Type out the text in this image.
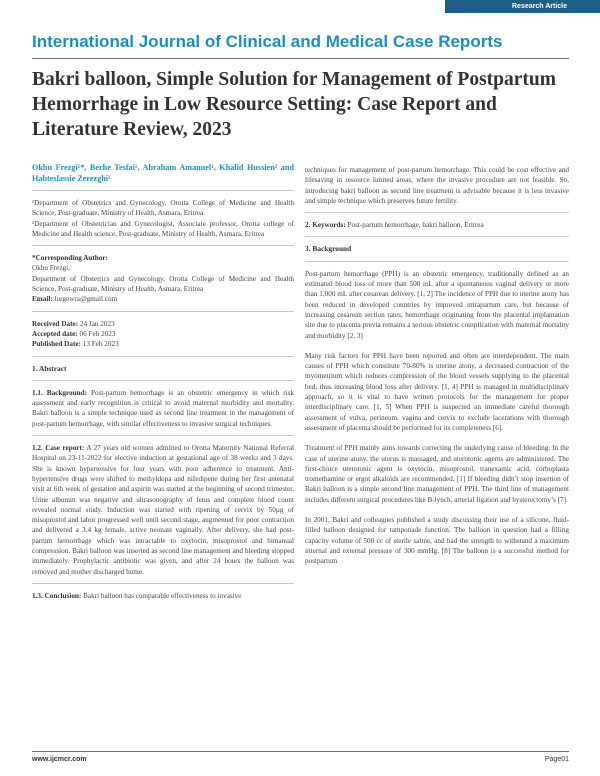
Research Article
International Journal of Clinical and Medical Case Reports
Bakri balloon, Simple Solution for Management of Postpartum Hemorrhage in Low Resource Setting: Case Report and Literature Review, 2023

Okbu Frezgi¹*, Berhe Tesfai¹, Abraham Amanuel¹, Khalid Hussien² and Habteslassie Zerezghi²

¹Department of Obstetrics and Gynecology, Orotta College of Medicine and Health Science, Post-graduate, Ministry of Health, Asmara, Eritrea

²Department of Obstetrician and Gynecologist, Associate professor, Orotta college of Medicine and Health science, Post-graduate, Ministry of Health, Asmara, Eritrea

*Corresponding Author:

Okbu Frezgi,

Department of Obstetrics and Gynecology, Orotta College of Medicine and Health Science, Post-graduate, Ministry of Health, Asmara, Eritrea

Email: lurgewra@gmail.com

Received Date: 24 Jan 2023

Accepted date: 06 Feb 2023

Published Date: 13 Feb 2023

1. Abstract

1.1. Background: Post-partum hemorrhage is an obstetric emergency in which risk assessment and early recognition is critical to avoid maternal morbidity and mortality. Bakri balloon is a simple technique used as second line treatment in the management of post-partum hemorrhage, with similar effectiveness to invasive surgical techniques.

1.2. Case report: A 27 years old women admitted to Orotta Maternity National Referral Hospital on 23-11-2022 for elective induction at gestational age of 38 weeks and 3 days. She is known hypertensive for four years with poor adherence to treatment. Anti-hypertensive drugs were shifted to methyldopa and nifedipene during her first antenatal visit at 6th week of gestation and aspirin was started at the beginning of second trimester. Urine albumin was negative and ultrasonography of fetus and complete blood count revealed normal study. Induction was started with ripening of cervix by 50µg of misoprostol and labor progressed well until second stage, augmented for poor contraction and delivered a 3.4 kg female, active neonate vaginally. After delivery, she had post-partum hemorrhage which was intractable to oxytocin, misoprostol and bimanual compression. Bakri balloon was inserted as second line management and bleeding stopped immediately. Prophylactic antibiotic was given, and after 24 hours the balloon was removed and mother discharged home.

1.3. Conclusion: Bakri balloon has comparable effectiveness to invasive

techniques for management of post-partum hemorrhage. This could be cost effective and lifesaving in resource limited areas, where the invasive procedure are not feasible. So, introducing bakri balloon as second line treatment is advisable because it is less invasive and simple technique which preserves future fertility.

2. Keywords: Post-partum hemorrhage, bakri balloon, Eritrea

3. Background

Post-partum hemorrhage (PPH) is an obstetric emergency, traditionally defined as an estimated blood loss of more than 500 mL after a spontaneous vaginal delivery or more than 1,000 mL after cesarean delivery. [1, 2] The incidence of PPH due to uterine atony has been reduced in developed countries by improved intrapartum care, but because of increasing cesarean section rates, hemorrhage originating from the placental implantation site due to placenta previa remains a serious obstetric complication with maternal mortality and morbidity [2, 3]

Many risk factors for PPH have been reported and often are interdependent. The main causes of PPH which constitute 70-80% is uterine atony, a decreased contraction of the myometrium which reduces compression of the blood vessels supplying to the placental bed, thus increasing blood loss after delivery. [1, 4] PPH is managed in multidisciplinary approach, so it is vital to have written protocols for the management for proper interdisciplinary care. [1, 5] When PPH is suspected an immediate careful thorough assessment of vulva, perineum, vagina and cervix to exclude lacerations with thorough assessment of placenta should be performed for its completeness [6].

Treatment of PPH mainly aims towards correcting the underlying cause of bleeding. In the case of uterine atony, the uterus is massaged, and uterotonic agents are administered. The first-choice uterotonic agent is oxytocin, misoprostol, tranexamic acid, corboplasta tromethamine or ergot alkaloids are recommended. [1] If bleeding didn’t stop insertion of Bakri balloon is a simple second line management of PPH. The third line of management includes different surgical procedures like B-lynch, arterial ligation and hysterectomy’s [7].

In 2001, Bakri and colleagues published a study discussing their use of a silicone, fluid-filled balloon designed for tamponade function. The balloon in question had a filling capacity volume of 500 cc of sterile saline, and had the strength to withstand a maximum internal and external pressure of 300 mmHg. [8] The balloon is a successful method for postpartum

www.ijcmcr.com	Page01
